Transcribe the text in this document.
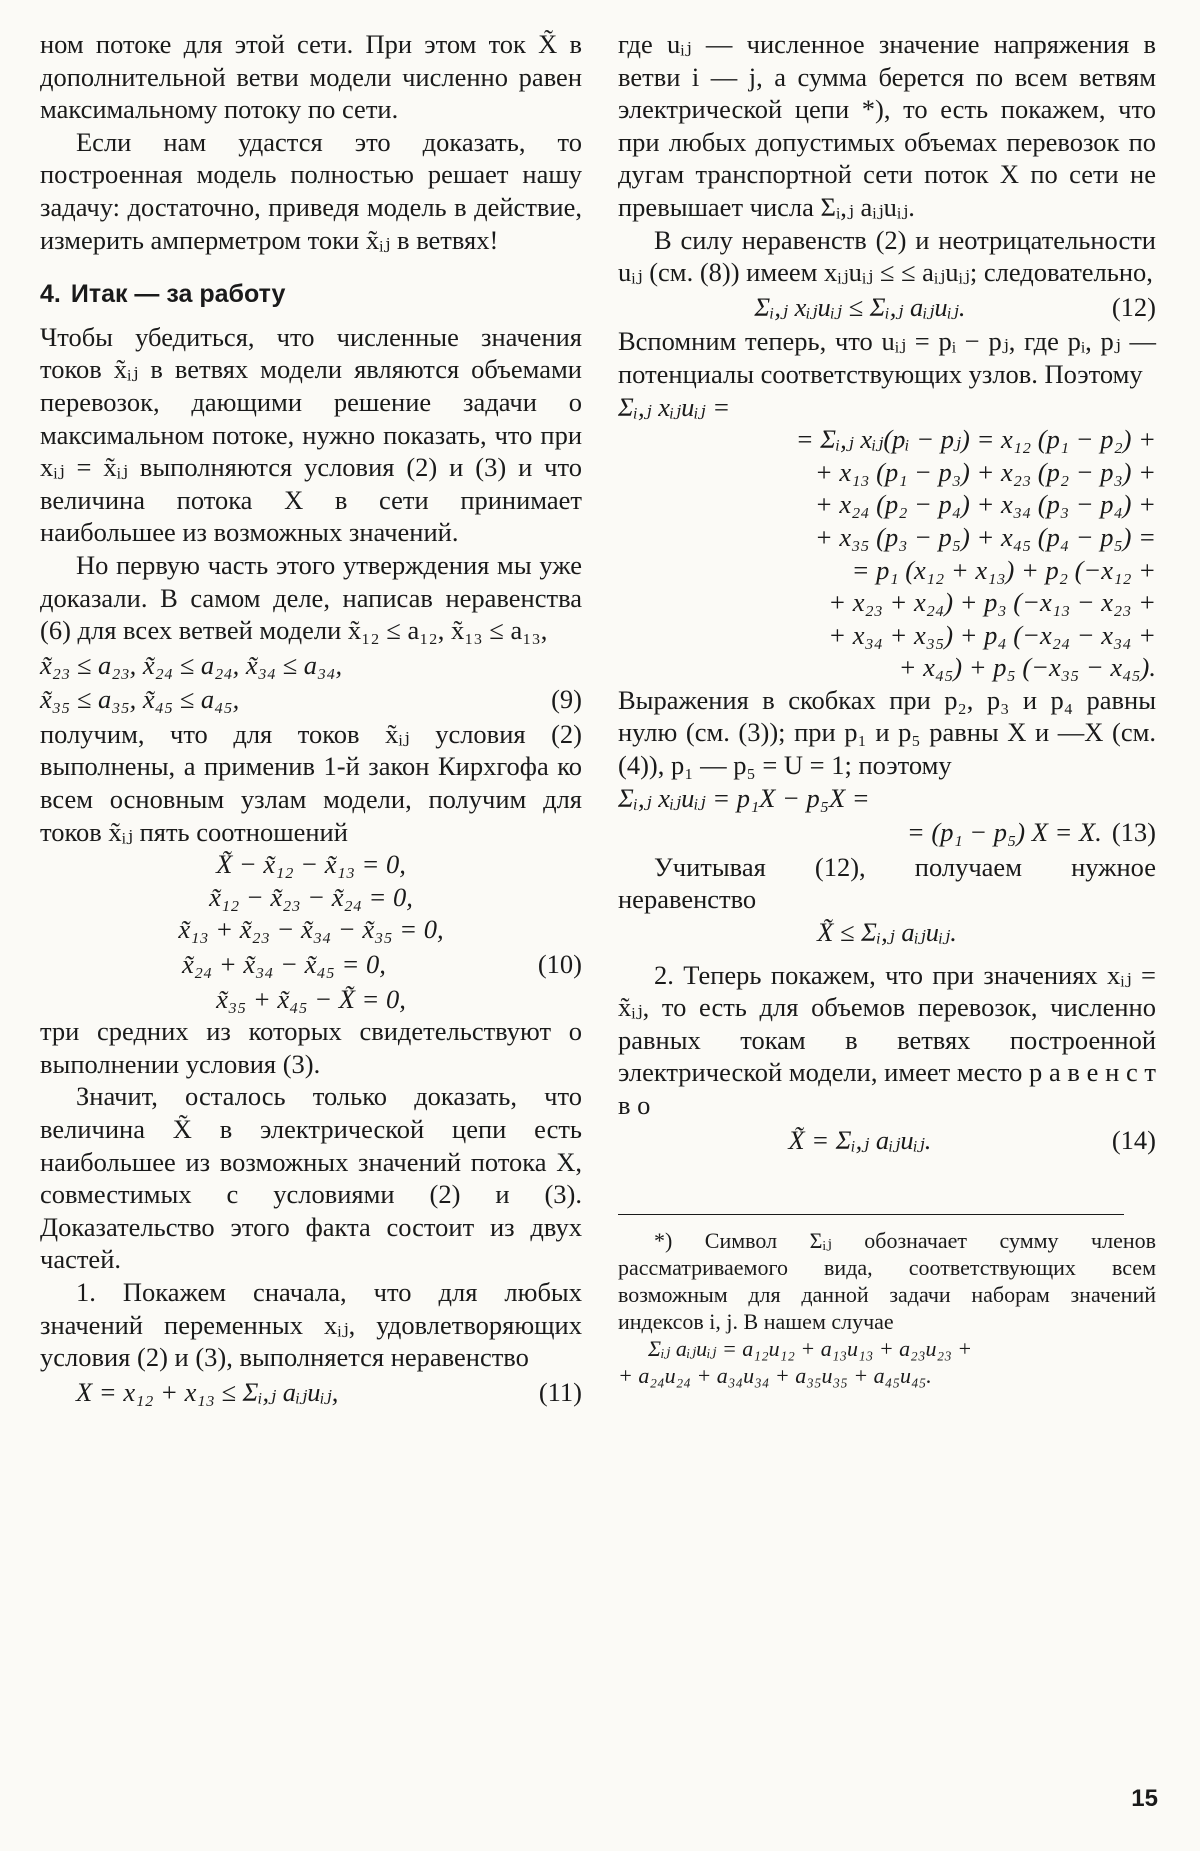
ном потоке для этой сети. При этом ток X̃ в дополнительной ветви модели численно равен максимальному потоку по сети.

Если нам удастся это доказать, то построенная модель полностью решает нашу задачу: достаточно, приведя модель в действие, измерить амперметром токи x̃ᵢⱼ в ветвях!

4. Итак — за работу

Чтобы убедиться, что численные значения токов x̃ᵢⱼ в ветвях модели являются объемами перевозок, дающими решение задачи о максимальном потоке, нужно показать, что при xᵢⱼ = x̃ᵢⱼ выполняются условия (2) и (3) и что величина потока X в сети принимает наибольшее из возможных значений.

Но первую часть этого утверждения мы уже доказали. В самом деле, написав неравенства (6) для всех ветвей модели x̃₁₂ ≤ a₁₂, x̃₁₃ ≤ a₁₃,

x̃₂₃ ≤ a₂₃, x̃₂₄ ≤ a₂₄, x̃₃₄ ≤ a₃₄,
x̃₃₅ ≤ a₃₅, x̃₄₅ ≤ a₄₅,	(9)

получим, что для токов x̃ᵢⱼ условия (2) выполнены, а применив 1-й закон Кирхгофа ко всем основным узлам модели, получим для токов x̃ᵢⱼ пять соотношений

X̃ − x̃₁₂ − x̃₁₃ = 0,

x̃₁₂ − x̃₂₃ − x̃₂₄ = 0,

x̃₁₃ + x̃₂₃ − x̃₃₄ − x̃₃₅ = 0,

x̃₂₄ + x̃₃₄ − x̃₄₅ = 0,	(10)

x̃₃₅ + x̃₄₅ − X̃ = 0,

три средних из которых свидетельствуют о выполнении условия (3).

Значит, осталось только доказать, что величина X̃ в электрической цепи есть наибольшее из возможных значений потока X, совместимых с условиями (2) и (3). Доказательство этого факта состоит из двух частей.

1. Покажем сначала, что для любых значений переменных xᵢⱼ, удовлетворяющих условия (2) и (3), выполняется неравенство

X = x₁₂ + x₁₃ ≤ Σᵢ,ⱼ aᵢⱼuᵢⱼ,	(11)

где uᵢⱼ — численное значение напряжения в ветви i — j, а сумма берется по всем ветвям электрической цепи *), то есть покажем, что при любых допустимых объемах перевозок по дугам транспортной сети поток X по сети не превышает числа Σᵢ,ⱼ aᵢⱼuᵢⱼ.

В силу неравенств (2) и неотрицательности uᵢⱼ (см. (8)) имеем xᵢⱼuᵢⱼ ≤ ≤ aᵢⱼuᵢⱼ; следовательно,

Σᵢ,ⱼ xᵢⱼuᵢⱼ ≤ Σᵢ,ⱼ aᵢⱼuᵢⱼ.	(12)

Вспомним теперь, что uᵢⱼ = pᵢ − pⱼ, где pᵢ, pⱼ — потенциалы соответствующих узлов. Поэтому

Σᵢ,ⱼ xᵢⱼuᵢⱼ =

= Σᵢ,ⱼ xᵢⱼ(pᵢ − pⱼ) = x₁₂ (p₁ − p₂) +

+ x₁₃ (p₁ − p₃) + x₂₃ (p₂ − p₃) +

+ x₂₄ (p₂ − p₄) + x₃₄ (p₃ − p₄) +

+ x₃₅ (p₃ − p₅) + x₄₅ (p₄ − p₅) =

= p₁ (x₁₂ + x₁₃) + p₂ (−x₁₂ +

+ x₂₃ + x₂₄) + p₃ (−x₁₃ − x₂₃ +

+ x₃₄ + x₃₅) + p₄ (−x₂₄ − x₃₄ +

+ x₄₅) + p₅ (−x₃₅ − x₄₅).

Выражения в скобках при p₂, p₃ и p₄ равны нулю (см. (3)); при p₁ и p₅ равны X и —X (см. (4)), p₁ — p₅ = U = 1; поэтому

Σᵢ,ⱼ xᵢⱼuᵢⱼ = p₁X − p₅X =

= (p₁ − p₅) X = X. (13)

Учитывая (12), получаем нужное неравенство

X̃ ≤ Σᵢ,ⱼ aᵢⱼuᵢⱼ.

2. Теперь покажем, что при значениях xᵢⱼ = x̃ᵢⱼ, то есть для объемов перевозок, численно равных токам в ветвях построенной электрической модели, имеет место р а в е н с т в о

X̃ = Σᵢ,ⱼ aᵢⱼuᵢⱼ.	(14)

*) Символ Σᵢⱼ обозначает сумму членов рассматриваемого вида, соответствующих всем возможным для данной задачи наборам значений индексов i, j. В нашем случае

Σᵢⱼ aᵢⱼuᵢⱼ = a₁₂u₁₂ + a₁₃u₁₃ + a₂₃u₂₃ +

+ a₂₄u₂₄ + a₃₄u₃₄ + a₃₅u₃₅ + a₄₅u₄₅.

15
